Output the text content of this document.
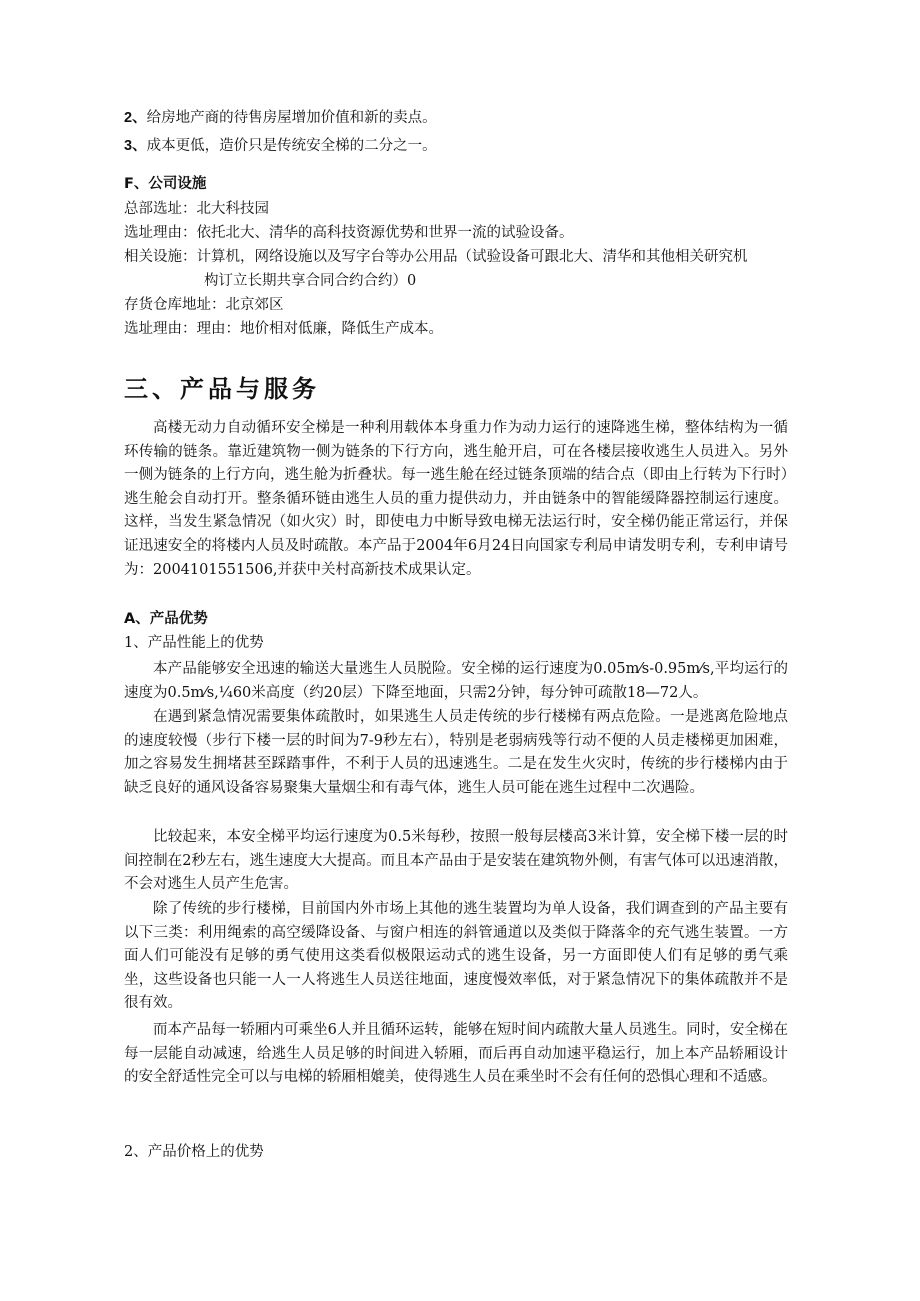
2、给房地产商的待售房屋增加价值和新的卖点。

3、成本更低，造价只是传统安全梯的二分之一。

F、公司设施

总部选址：北大科技园

选址理由：依托北大、清华的高科技资源优势和世界一流的试验设备。

相关设施：计算机，网络设施以及写字台等办公用品（试验设备可跟北大、清华和其他相关研究机

构订立长期共享合同合约合约）0

存货仓库地址：北京郊区

选址理由：理由：地价相对低廉，降低生产成本。

三、产品与服务

高楼无动力自动循环安全梯是一种利用载体本身重力作为动力运行的速降逃生梯，整体结构为一循环传输的链条。靠近建筑物一侧为链条的下行方向，逃生舱开启，可在各楼层接收逃生人员进入。另外一侧为链条的上行方向，逃生舱为折叠状。每一逃生舱在经过链条顶端的结合点（即由上行转为下行时）逃生舱会自动打开。整条循环链由逃生人员的重力提供动力，并由链条中的智能缓降器控制运行速度。这样，当发生紧急情况（如火灾）时，即使电力中断导致电梯无法运行时，安全梯仍能正常运行，并保证迅速安全的将楼内人员及时疏散。本产品于2004年6月24日向国家专利局申请发明专利，专利申请号为：2004101551506,并获中关村高新技术成果认定。

A、产品优势

1、产品性能上的优势

本产品能够安全迅速的输送大量逃生人员脱险。安全梯的运行速度为0.05m⁄s-0.95m⁄s,平均运行的速度为0.5m⁄s,¼60米高度（约20层）下降至地面，只需2分钟，每分钟可疏散18—72人。

在遇到紧急情况需要集体疏散时，如果逃生人员走传统的步行楼梯有两点危险。一是逃离危险地点的速度较慢（步行下楼一层的时间为7-9秒左右），特别是老弱病残等行动不便的人员走楼梯更加困难，加之容易发生拥堵甚至踩踏事件，不利于人员的迅速逃生。二是在发生火灾时，传统的步行楼梯内由于缺乏良好的通风设备容易聚集大量烟尘和有毒气体，逃生人员可能在逃生过程中二次遇险。

比较起来，本安全梯平均运行速度为0.5米每秒，按照一般每层楼高3米计算，安全梯下楼一层的时间控制在2秒左右，逃生速度大大提高。而且本产品由于是安装在建筑物外侧，有害气体可以迅速消散，不会对逃生人员产生危害。

除了传统的步行楼梯，目前国内外市场上其他的逃生装置均为单人设备，我们调查到的产品主要有以下三类：利用绳索的高空缓降设备、与窗户相连的斜管通道以及类似于降落伞的充气逃生装置。一方面人们可能没有足够的勇气使用这类看似极限运动式的逃生设备，另一方面即使人们有足够的勇气乘坐，这些设备也只能一人一人将逃生人员送往地面，速度慢效率低，对于紧急情况下的集体疏散并不是很有效。

而本产品每一轿厢内可乘坐6人并且循环运转，能够在短时间内疏散大量人员逃生。同时，安全梯在每一层能自动减速，给逃生人员足够的时间进入轿厢，而后再自动加速平稳运行，加上本产品轿厢设计的安全舒适性完全可以与电梯的轿厢相媲美，使得逃生人员在乘坐时不会有任何的恐惧心理和不适感。

2、产品价格上的优势
